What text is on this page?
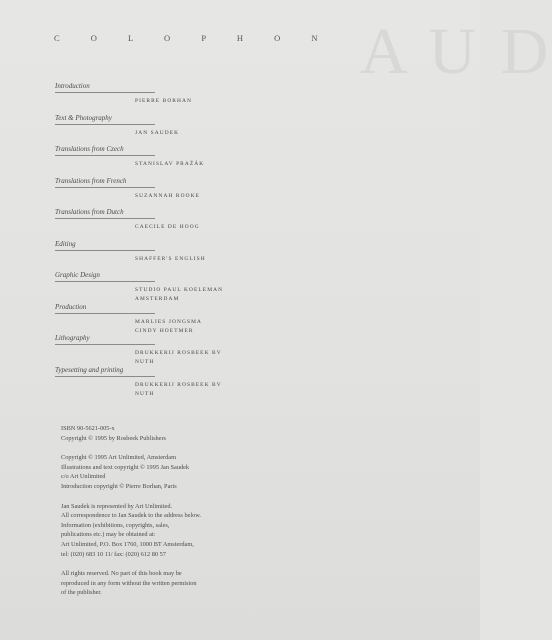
A U D
C O L O P H O N
Introduction
PIERRE BORHAN
Text & Photography
JAN SAUDEK
Translations from Czech
STANISLAV PRAŽÁK
Translations from French
SUZANNAH ROOKE
Translations from Dutch
CAECILE DE HOOG
Editing
SHAFFER'S ENGLISH
Graphic Design
STUDIO PAUL KOELEMAN
AMSTERDAM
Production
MARLIES JONGSMA
CINDY HOETMER
Lithography
DRUKKERIJ ROSBEEK BV
NUTH
Typesetting and printing
DRUKKERIJ ROSBEEK BV
NUTH
ISBN 90-5621-005-x
Copyright © 1995 by Rosbeek Publishers
Copyright © 1995 Art Unlimited, Amsterdam
Illustrations and text copyright © 1995 Jan Saudek
c/o Art Unlimited
Introduction copyright © Pierre Borhan, Paris
Jan Saudek is represented by Art Unlimited.
All correspondence to Jan Saudek to the address below.
Information (exhibitions, copyrights, sales,
publications etc.) may be obtained at:
Art Unlimited, P.O. Box 1760, 1000 BT Amsterdam,
tel: (020) 683 10 11/ fax: (020) 612 80 57
All rights reserved. No part of this book may be
reproduced in any form without the written permision
of the publisher.
